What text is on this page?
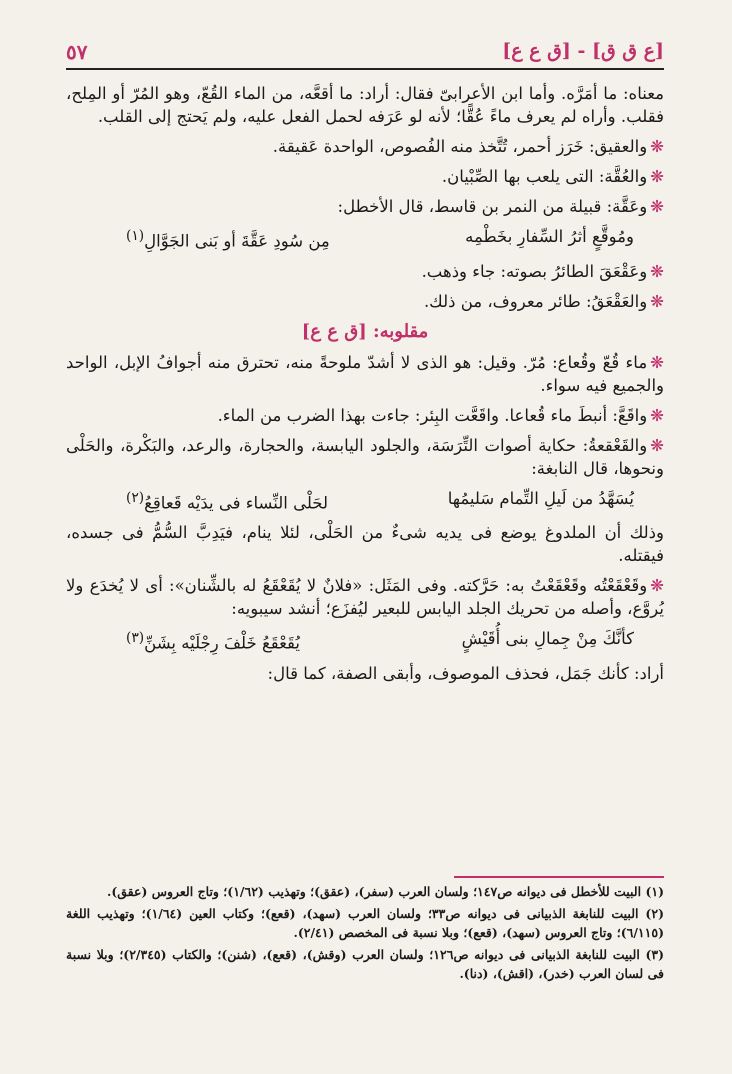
[ع ق ق] - [ق ع ع]
٥٧

معناه: ما أمَرَّه. وأما ابن الأعرابىّ فقال: أراد: ما أقعَّه، من الماء القُعّ، وهو المُرّ أو المِلح، فقلب. وأراه لم يعرف ماءً عُقًّا؛ لأنه لو عَرَفه لحمل الفعل عليه، ولم يَحتج إلى القلب.

❋والعقيق: خَرَز أحمر، تُتَّخذ منه الفُصوص، الواحدة عَقيقة.

❋والعُقَّة: التى يلعب بها الصِّبْيان.

❋وعَقَّة: قبيلة من النمر بن قاسط، قال الأخطل:

ومُوقَّعٍ أثرُ السِّفارِ بخَطْمِه
مِن سُودِ عَقَّةَ أو بَنى الجَوَّالِ$^{(١)}$

❋وعَقْعَقَ الطائرُ بصوته: جاء وذهب.

❋والعَقْعَقُ: طائر معروف، من ذلك.

مقلوبه: [ق ع ع]

❋ماء قُعّ وقُعاع: مُرّ. وقيل: هو الذى لا أشدّ ملوحةً منه، تحترق منه أجوافُ الإبل، الواحد والجميع فيه سواء.

❋واقَعَّ: أنبطَ ماء قُعاعا. واقَعَّت البِئر: جاءت بهذا الضرب من الماء.

❋والقَعْقعةُ: حكاية أصوات التِّرَسَة، والجلود اليابسة، والحجارة، والرعد، والبَكْرة، والحَلْى ونحوها، قال النابغة:

يُسَهَّدُ من لَيلِ التِّمام سَليمُها
لحَلْى النِّساء فى يدَيْه قَعاقِعُ$^{(٢)}$

وذلك أن الملدوغ يوضع فى يديه شىءٌ من الحَلْى، لئلا ينام، فيَدِبَّ السُّمُّ فى جسده، فيقتله.

❋وقَعْقَعْتُه وقَعْقَعْتُ به: حَرَّكته. وفى المَثَل: «فلانٌ لا يُقَعْقَعُ له بالشِّنان»: أى لا يُخدَع ولا يُروَّع، وأصله من تحريك الجلد اليابس للبعير ليُفزَع؛ أنشد سيبويه:

كأنَّكَ مِنْ جِمالِ بنى أُقَيْشٍ
يُقَعْقَعُ خَلْفَ رِجْلَيْه بِشَنِّ$^{(٣)}$

أراد: كأنك جَمَل، فحذف الموصوف، وأبقى الصفة، كما قال:

(١) البيت للأخطل فى ديوانه ص١٤٧؛ ولسان العرب (سفر)، (عقق)؛ وتهذيب (١/٦٢)؛ وتاج العروس (عقق).

(٢) البيت للنابغة الذبيانى فى ديوانه ص٣٣؛ ولسان العرب (سهد)، (قعع)؛ وكتاب العين (١/٦٤)؛ وتهذيب اللغة (٦/١١٥)؛ وتاج العروس (سهد)، (قعع)؛ وبلا نسبة فى المخصص (٢/٤١).

(٣) البيت للنابغة الذبيانى فى ديوانه ص١٢٦؛ ولسان العرب (وقش)، (قعع)، (شنن)؛ والكتاب (٢/٣٤٥)؛ وبلا نسبة فى لسان العرب (خدر)، (اقش)، (دنا).
